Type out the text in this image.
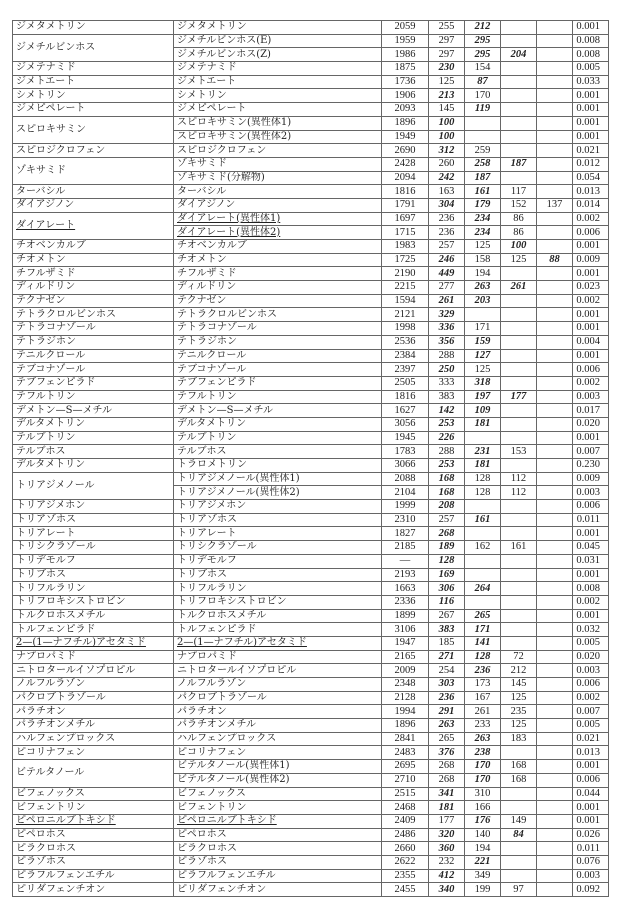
ジメタメトリン	ジメタメトリン	2059	255	212			0.001
ジメチルビンホス	ジメチルビンホス(E)	1959	297	295			0.008
	ジメチルビンホス(Z)	1986	297	295	204		0.008
ジメテナミド	ジメテナミド	1875	230	154			0.005
ジメトエート	ジメトエート	1736	125	87			0.033
シメトリン	シメトリン	1906	213	170			0.001
ジメピペレート	ジメピペレート	2093	145	119			0.001
スピロキサミン	スピロキサミン(異性体1)	1896	100				0.001
	スピロキサミン(異性体2)	1949	100				0.001
スピロジクロフェン	スピロジクロフェン	2690	312	259			0.021
ゾキサミド	ゾキサミド	2428	260	258	187		0.012
	ゾキサミド(分解物)	2094	242	187			0.054
ターバシル	ターバシル	1816	163	161	117		0.013
ダイアジノン	ダイアジノン	1791	304	179	152	137	0.014
ダイアレート	ダイアレート(異性体1)	1697	236	234	86		0.002
	ダイアレート(異性体2)	1715	236	234	86		0.006
チオベンカルブ	チオベンカルブ	1983	257	125	100		0.001
チオメトン	チオメトン	1725	246	158	125	88	0.009
チフルザミド	チフルザミド	2190	449	194			0.001
ディルドリン	ディルドリン	2215	277	263	261		0.023
テクナゼン	テクナゼン	1594	261	203			0.002
テトラクロルビンホス	テトラクロルビンホス	2121	329				0.001
テトラコナゾール	テトラコナゾール	1998	336	171			0.001
テトラジホン	テトラジホン	2536	356	159			0.004
テニルクロール	テニルクロール	2384	288	127			0.001
テブコナゾール	テブコナゾール	2397	250	125			0.006
テブフェンピラド	テブフェンピラド	2505	333	318			0.002
テフルトリン	テフルトリン	1816	383	197	177		0.003
デメトン—S—メチル	デメトン—S—メチル	1627	142	109			0.017
デルタメトリン	デルタメトリン	3056	253	181			0.020
テルブトリン	テルブトリン	1945	226				0.001
テルブホス	テルブホス	1783	288	231	153		0.007
デルタメトリン	トラロメトリン	3066	253	181			0.230
トリアジメノール	トリアジメノール(異性体1)	2088	168	128	112		0.009
	トリアジメノール(異性体2)	2104	168	128	112		0.003
トリアジメホン	トリアジメホン	1999	208				0.006
トリアゾホス	トリアゾホス	2310	257	161			0.011
トリアレート	トリアレート	1827	268				0.001
トリシクラゾール	トリシクラゾール	2185	189	162	161		0.045
トリデモルフ	トリデモルフ	—	128				0.031
トリブホス	トリブホス	2193	169				0.001
トリフルラリン	トリフルラリン	1663	306	264			0.008
トリフロキシストロビン	トリフロキシストロビン	2336	116				0.002
トルクロホスメチル	トルクロホスメチル	1899	267	265			0.001
トルフェンピラド	トルフェンピラド	3106	383	171			0.032
2—(1—ナフチル)アセタミド	2—(1—ナフチル)アセタミド	1947	185	141			0.005
ナプロパミド	ナプロパミド	2165	271	128	72		0.020
ニトロタールイソプロピル	ニトロタールイソプロピル	2009	254	236	212		0.003
ノルフルラゾン	ノルフルラゾン	2348	303	173	145		0.006
パクロブトラゾール	パクロブトラゾール	2128	236	167	125		0.002
パラチオン	パラチオン	1994	291	261	235		0.007
パラチオンメチル	パラチオンメチル	1896	263	233	125		0.005
ハルフェンプロックス	ハルフェンプロックス	2841	265	263	183		0.021
ピコリナフェン	ピコリナフェン	2483	376	238			0.013
ビテルタノール	ビテルタノール(異性体1)	2695	268	170	168		0.001
	ビテルタノール(異性体2)	2710	268	170	168		0.006
ビフェノックス	ビフェノックス	2515	341	310			0.044
ビフェントリン	ビフェントリン	2468	181	166			0.001
ピペロニルブトキシド	ピペロニルブトキシド	2409	177	176	149		0.001
ピペロホス	ピペロホス	2486	320	140	84		0.026
ピラクロホス	ピラクロホス	2660	360	194			0.011
ピラゾホス	ピラゾホス	2622	232	221			0.076
ピラフルフェンエチル	ピラフルフェンエチル	2355	412	349			0.003
ピリダフェンチオン	ピリダフェンチオン	2455	340	199	97		0.092
